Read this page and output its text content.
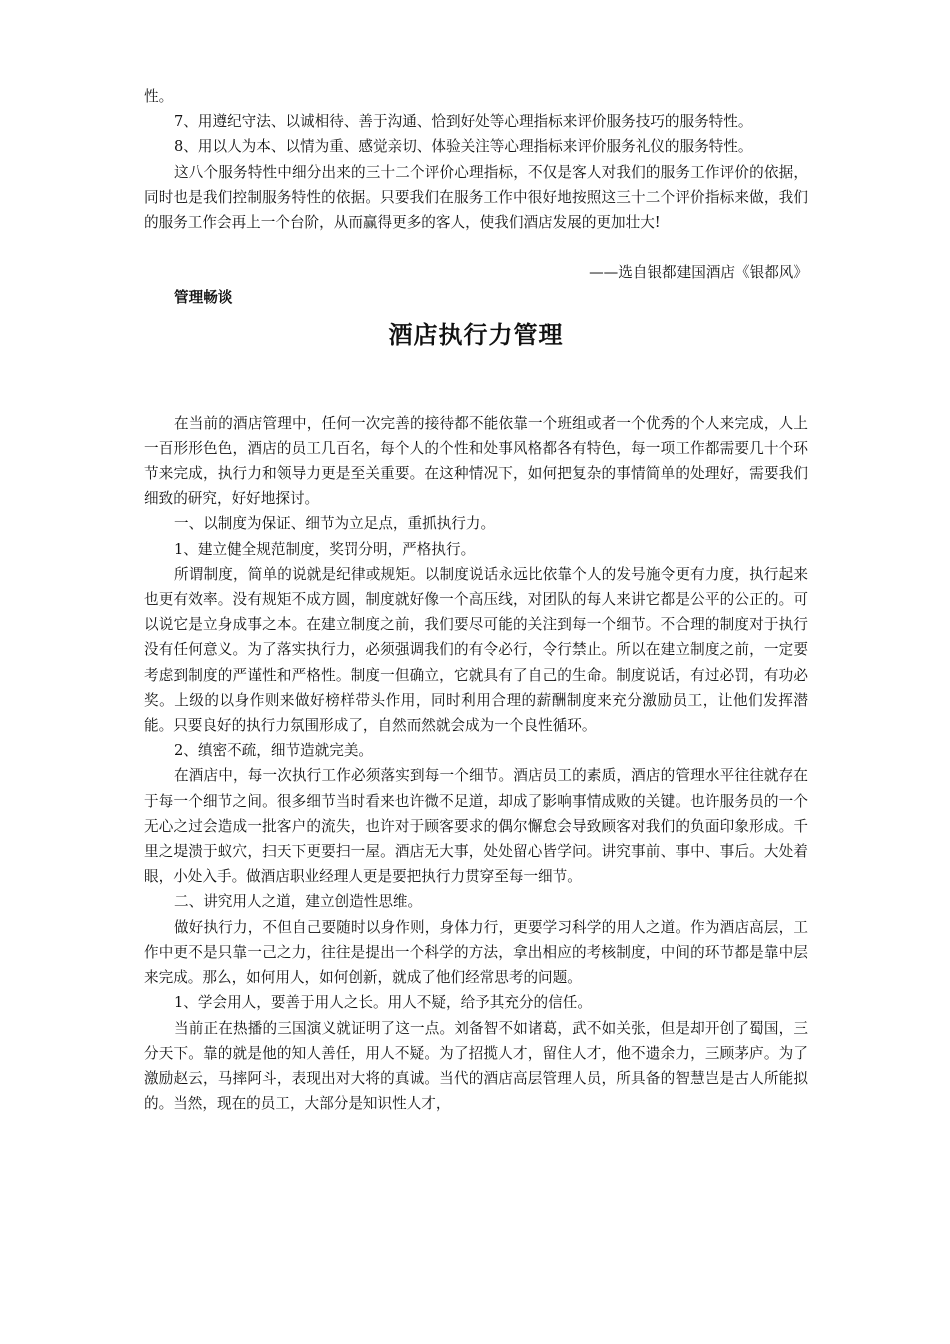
性。

7、用遵纪守法、以诚相待、善于沟通、恰到好处等心理指标来评价服务技巧的服务特性。

8、用以人为本、以情为重、感觉亲切、体验关注等心理指标来评价服务礼仪的服务特性。

这八个服务特性中细分出来的三十二个评价心理指标，不仅是客人对我们的服务工作评价的依据，同时也是我们控制服务特性的依据。只要我们在服务工作中很好地按照这三十二个评价指标来做，我们的服务工作会再上一个台阶，从而赢得更多的客人，使我们酒店发展的更加壮大!

——选自银都建国酒店《银都风》

管理畅谈

酒店执行力管理

在当前的酒店管理中，任何一次完善的接待都不能依靠一个班组或者一个优秀的个人来完成，人上一百形形色色，酒店的员工几百名，每个人的个性和处事风格都各有特色，每一项工作都需要几十个环节来完成，执行力和领导力更是至关重要。在这种情况下，如何把复杂的事情简单的处理好，需要我们细致的研究，好好地探讨。

一、以制度为保证、细节为立足点，重抓执行力。

1、建立健全规范制度，奖罚分明，严格执行。

所谓制度，简单的说就是纪律或规矩。以制度说话永远比依靠个人的发号施令更有力度，执行起来也更有效率。没有规矩不成方圆，制度就好像一个高压线，对团队的每人来讲它都是公平的公正的。可以说它是立身成事之本。在建立制度之前，我们要尽可能的关注到每一个细节。不合理的制度对于执行没有任何意义。为了落实执行力，必须强调我们的有令必行，令行禁止。所以在建立制度之前，一定要考虑到制度的严谨性和严格性。制度一但确立，它就具有了自己的生命。制度说话，有过必罚，有功必奖。上级的以身作则来做好榜样带头作用，同时利用合理的薪酬制度来充分激励员工，让他们发挥潜能。只要良好的执行力氛围形成了，自然而然就会成为一个良性循环。

2、缜密不疏，细节造就完美。

在酒店中，每一次执行工作必须落实到每一个细节。酒店员工的素质，酒店的管理水平往往就存在于每一个细节之间。很多细节当时看来也许微不足道，却成了影响事情成败的关键。也许服务员的一个无心之过会造成一批客户的流失，也许对于顾客要求的偶尔懈怠会导致顾客对我们的负面印象形成。千里之堤溃于蚁穴，扫天下更要扫一屋。酒店无大事，处处留心皆学问。讲究事前、事中、事后。大处着眼，小处入手。做酒店职业经理人更是要把执行力贯穿至每一细节。

二、讲究用人之道，建立创造性思维。

做好执行力，不但自己要随时以身作则，身体力行，更要学习科学的用人之道。作为酒店高层，工作中更不是只靠一己之力，往往是提出一个科学的方法，拿出相应的考核制度，中间的环节都是靠中层来完成。那么，如何用人，如何创新，就成了他们经常思考的问题。

1、学会用人，要善于用人之长。用人不疑，给予其充分的信任。

当前正在热播的三国演义就证明了这一点。刘备智不如诸葛，武不如关张，但是却开创了蜀国，三分天下。靠的就是他的知人善任，用人不疑。为了招揽人才，留住人才，他不遗余力，三顾茅庐。为了激励赵云，马摔阿斗，表现出对大将的真诚。当代的酒店高层管理人员，所具备的智慧岂是古人所能拟的。当然，现在的员工，大部分是知识性人才，
